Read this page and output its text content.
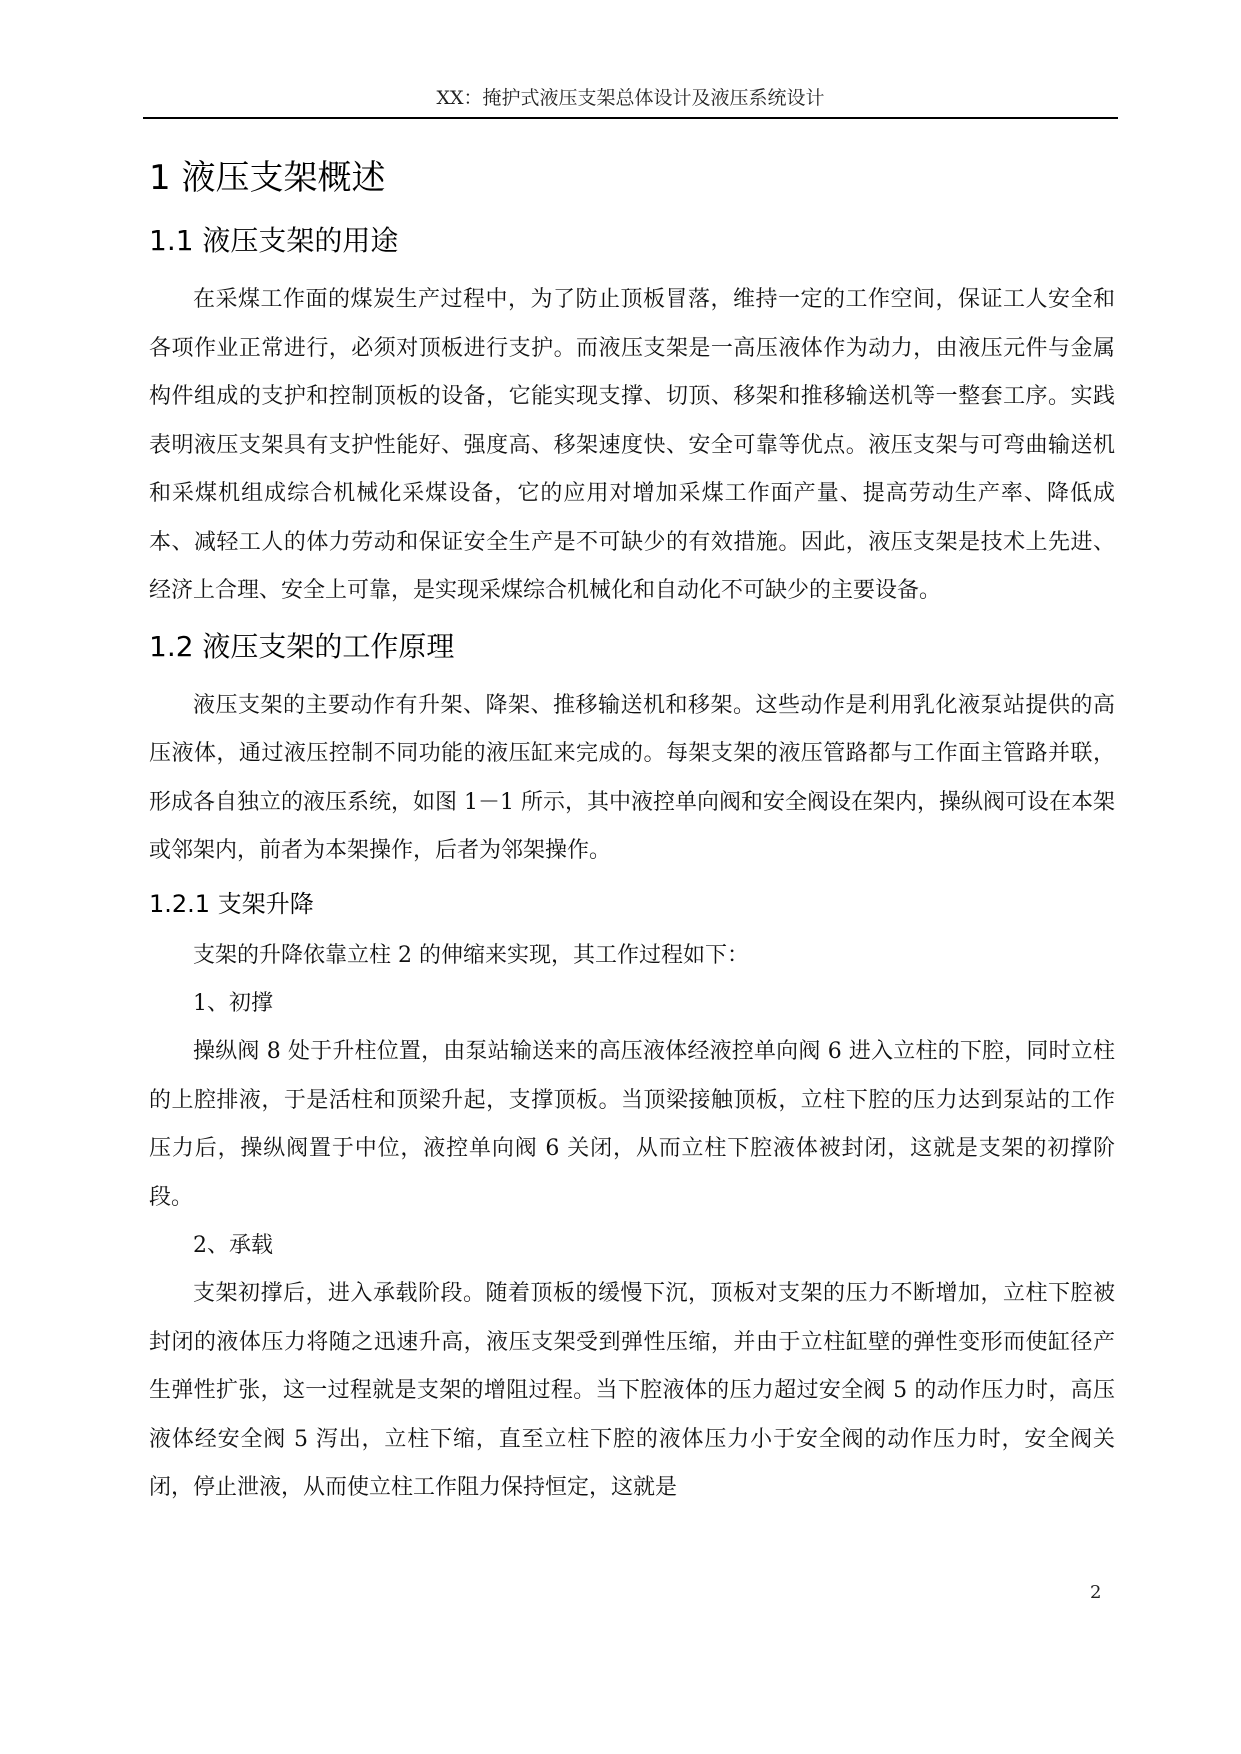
XX：掩护式液压支架总体设计及液压系统设计
1 液压支架概述
1.1 液压支架的用途

在采煤工作面的煤炭生产过程中，为了防止顶板冒落，维持一定的工作空间，保证工人安全和各项作业正常进行，必须对顶板进行支护。而液压支架是一高压液体作为动力，由液压元件与金属构件组成的支护和控制顶板的设备，它能实现支撑、切顶、移架和推移输送机等一整套工序。实践表明液压支架具有支护性能好、强度高、移架速度快、安全可靠等优点。液压支架与可弯曲输送机和采煤机组成综合机械化采煤设备，它的应用对增加采煤工作面产量、提高劳动生产率、降低成本、减轻工人的体力劳动和保证安全生产是不可缺少的有效措施。因此，液压支架是技术上先进、经济上合理、安全上可靠，是实现采煤综合机械化和自动化不可缺少的主要设备。

1.2 液压支架的工作原理

液压支架的主要动作有升架、降架、推移输送机和移架。这些动作是利用乳化液泵站提供的高压液体，通过液压控制不同功能的液压缸来完成的。每架支架的液压管路都与工作面主管路并联，形成各自独立的液压系统，如图 1－1 所示，其中液控单向阀和安全阀设在架内，操纵阀可设在本架或邻架内，前者为本架操作，后者为邻架操作。

1.2.1 支架升降

支架的升降依靠立柱 2 的伸缩来实现，其工作过程如下：

1、初撑

操纵阀 8 处于升柱位置，由泵站输送来的高压液体经液控单向阀 6 进入立柱的下腔，同时立柱的上腔排液，于是活柱和顶梁升起，支撑顶板。当顶梁接触顶板，立柱下腔的压力达到泵站的工作压力后，操纵阀置于中位，液控单向阀 6 关闭，从而立柱下腔液体被封闭，这就是支架的初撑阶段。

2、承载

支架初撑后，进入承载阶段。随着顶板的缓慢下沉，顶板对支架的压力不断增加，立柱下腔被封闭的液体压力将随之迅速升高，液压支架受到弹性压缩，并由于立柱缸壁的弹性变形而使缸径产生弹性扩张，这一过程就是支架的增阻过程。当下腔液体的压力超过安全阀 5 的动作压力时，高压液体经安全阀 5 泻出，立柱下缩，直至立柱下腔的液体压力小于安全阀的动作压力时，安全阀关闭，停止泄液，从而使立柱工作阻力保持恒定，这就是

2
